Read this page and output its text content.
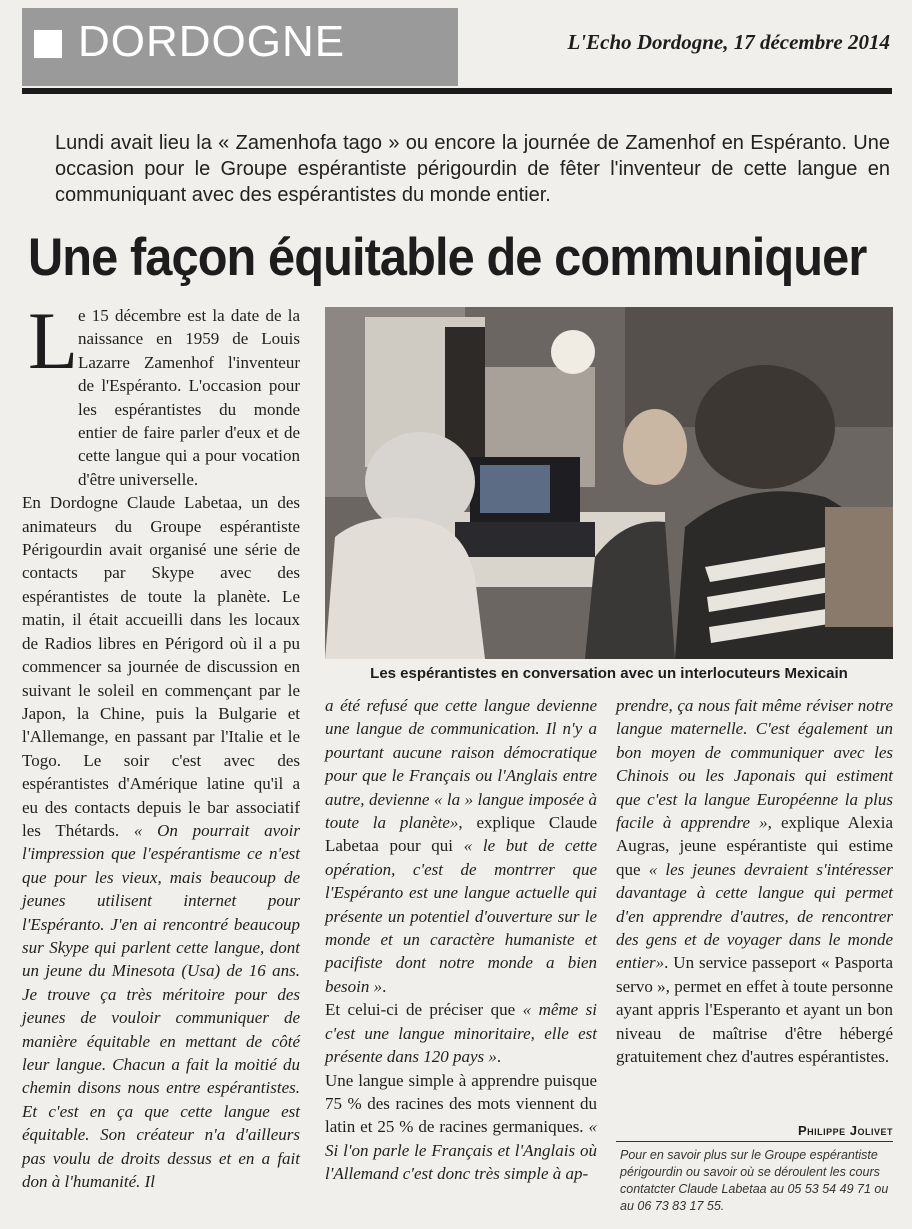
DORDOGNE	L'Echo Dordogne, 17 décembre 2014
Lundi avait lieu la « Zamenhofa tago » ou encore la journée de Zamenhof en Espéranto. Une occasion pour le Groupe espérantiste périgourdin de fêter l'inventeur de cette langue en communiquant avec des espérantistes du monde entier.
Une façon équitable de communiquer
L e 15 décembre est la date de la naissance en 1959 de Louis Lazarre Zamenhof l'inventeur de l'Espéranto. L'occasion pour les espérantistes du monde entier de faire parler d'eux et de cette langue qui a pour vocation d'être universelle.

En Dordogne Claude Labetaa, un des animateurs du Groupe espérantiste Périgourdin avait organisé une série de contacts par Skype avec des espérantistes de toute la planète. Le matin, il était accueilli dans les locaux de Radios libres en Périgord où il a pu commencer sa journée de discussion en suivant le soleil en commençant par le Japon, la Chine, puis la Bulgarie et l'Allemange, en passant par l'Italie et le Togo. Le soir c'est avec des espérantistes d'Amérique latine qu'il a eu des contacts depuis le bar associatif les Thétards. « On pourrait avoir l'impression que l'espérantisme ce n'est que pour les vieux, mais beaucoup de jeunes utilisent internet pour l'Espéranto. J'en ai rencontré beaucoup sur Skype qui parlent cette langue, dont un jeune du Minesota (Usa) de 16 ans. Je trouve ça très méritoire pour des jeunes de vouloir communiquer de manière équitable en mettant de côté leur langue. Chacun a fait la moitié du chemin disons nous entre espérantistes. Et c'est en ça que cette langue est équitable. Son créateur n'a d'ailleurs pas voulu de droits dessus et en a fait don à l'humanité. Il

Les espérantistes en conversation avec un interlocuteurs Mexicain

a été refusé que cette langue devienne une langue de communication. Il n'y a pourtant aucune raison démocratique pour que le Français ou l'Anglais entre autre, devienne « la » langue imposée à toute la planète», explique Claude Labetaa pour qui « le but de cette opération, c'est de montrrer que l'Espéranto est une langue actuelle qui présente un potentiel d'ouverture sur le monde et un caractère humaniste et pacifiste dont notre monde a bien besoin ».

Et celui-ci de préciser que « même si c'est une langue minoritaire, elle est présente dans 120 pays ».

Une langue simple à apprendre puisque 75 % des racines des mots viennent du latin et 25 % de racines germaniques. « Si l'on parle le Français et l'Anglais où l'Allemand c'est donc très simple à ap-

prendre, ça nous fait même réviser notre langue maternelle. C'est également un bon moyen de communiquer avec les Chinois ou les Japonais qui estiment que c'est la langue Européenne la plus facile à apprendre », explique Alexia Augras, jeune espérantiste qui estime que « les jeunes devraient s'intéresser davantage à cette langue qui permet d'en apprendre d'autres, de rencontrer des gens et de voyager dans le monde entier». Un service passeport « Pasporta servo », permet en effet à toute personne ayant appris l'Esperanto et ayant un bon niveau de maîtrise d'être hébergé gratuitement chez d'autres espérantistes.

Philippe Jolivet
Pour en savoir plus sur le Groupe espérantiste périgourdin ou savoir où se déroulent les cours contatcter Claude Labetaa au 05 53 54 49 71 ou au 06 73 83 17 55.
